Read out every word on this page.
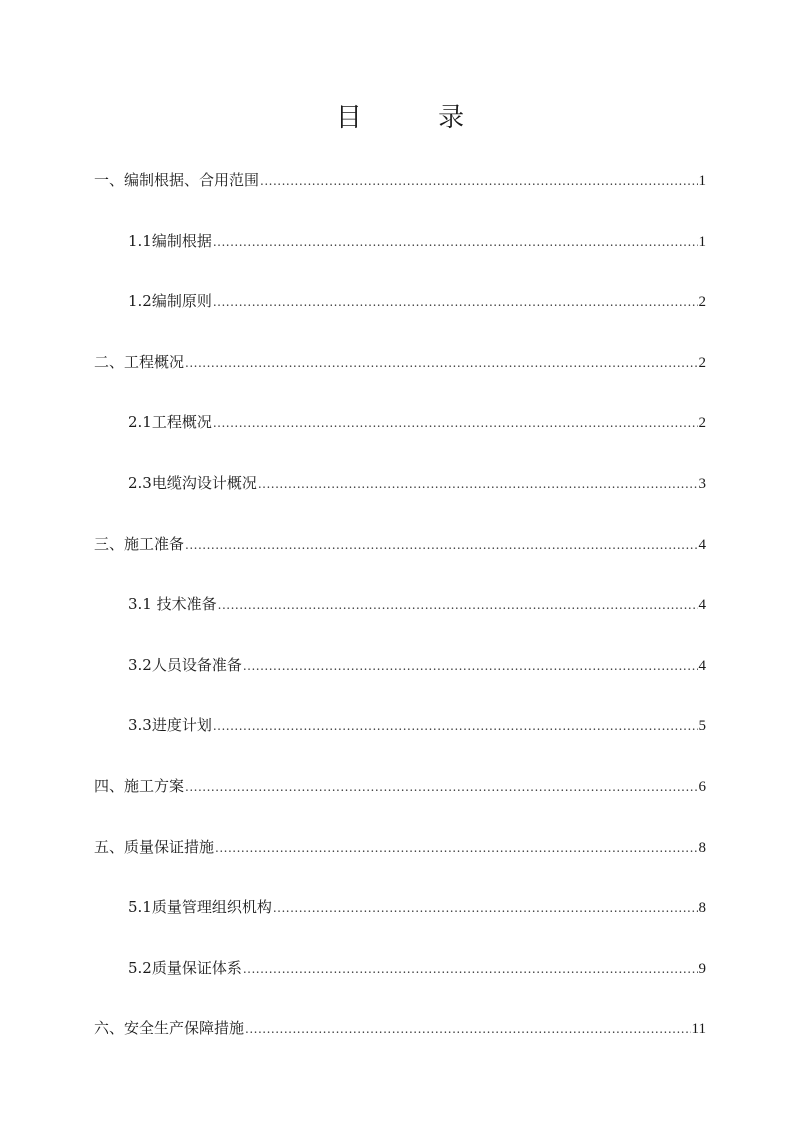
目 录
一、编制根据、合用范围 .....	1
1.1编制根据 .....	1
1.2编制原则 .....	2
二、工程概况 .....	2
2.1工程概况 .....	2
2.3电缆沟设计概况 .....	3
三、施工准备 .....	4
3.1 技术准备 .....	4
3.2人员设备准备 .....	4
3.3进度计划 .....	5
四、施工方案 .....	6
五、质量保证措施 .....	8
5.1质量管理组织机构 .....	8
5.2质量保证体系 .....	9
六、安全生产保障措施 .....	11
